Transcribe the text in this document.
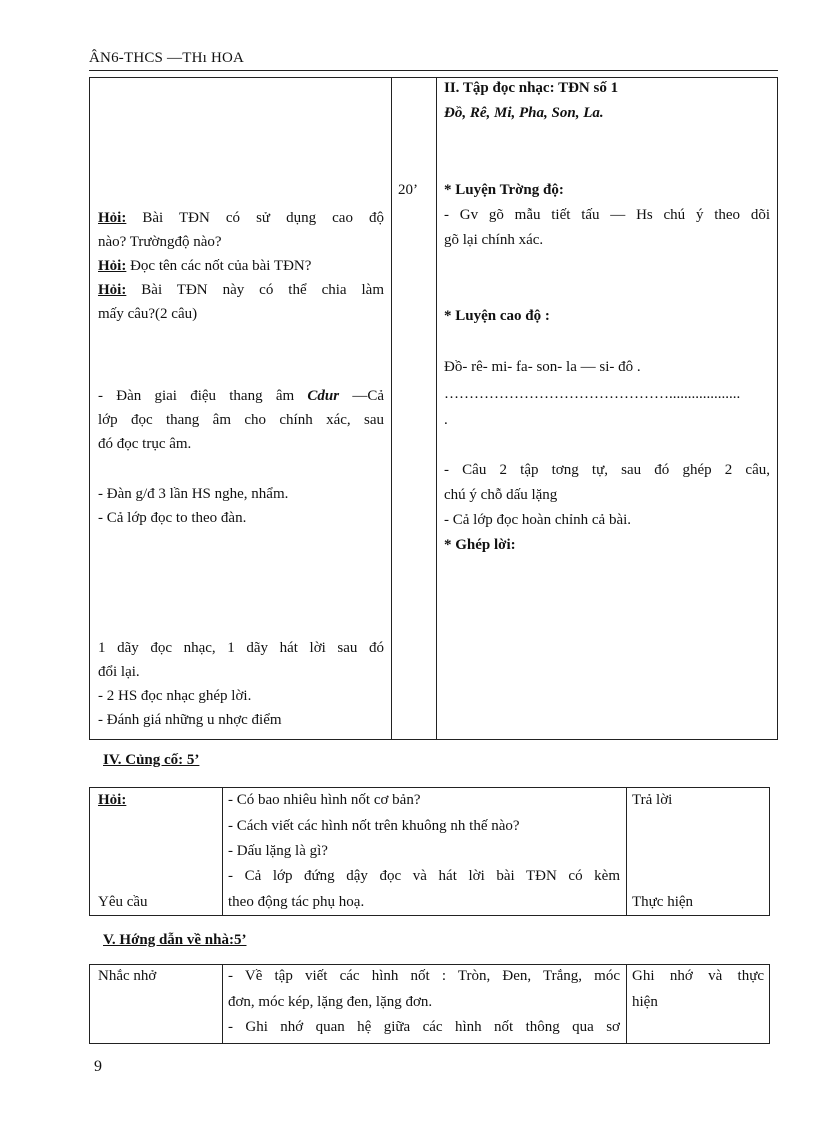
ÂN6-THCS —THı HOA
20’
Hỏi: Bài TĐN có sử dụng cao độ
nào? Trườngđộ nào?
Hỏi: Đọc tên các nốt của bài TĐN?
Hỏi: Bài TĐN này có thể chia làm
mấy câu?(2 câu)
- Đàn giai điệu thang âm Cdur —Cả
lớp đọc thang âm cho chính xác, sau
đó đọc trục âm.
- Đàn g/đ 3 lần HS nghe, nhẩm.
- Cả lớp đọc to theo đàn.
1 dãy đọc nhạc, 1 dãy hát lời sau đó
đổi lại.
- 2 HS đọc nhạc ghép lời.
- Đánh giá những u nhợc điểm
II. Tập đọc nhạc: TĐN số 1
Đồ, Rê, Mi, Pha, Son, La.
* Luyện Trờng độ:
- Gv gõ mẫu tiết tấu — Hs chú ý theo dõi
gõ lại chính xác.
* Luyện cao độ :
Đồ- rê- mi- fa- son- la — si- đô .
………………………………………...................
.
- Câu 2 tập tơng tự, sau đó ghép 2 câu,
chú ý chỗ dấu lặng
- Cả lớp đọc hoàn chỉnh cả bài.
* Ghép lời:
IV. Củng cố: 5’
Hỏi:
Yêu cầu
- Có bao nhiêu hình nốt cơ bản?
- Cách viết các hình nốt trên khuông nh thế nào?
- Dấu lặng là gì?
- Cả lớp đứng dậy đọc và hát lời bài TĐN có kèm
theo động tác phụ hoạ.
Trả lời
Thực hiện
V. Hớng dẫn về nhà:5’
Nhắc nhở	- Về tập viết các hình nốt : Tròn, Đen, Trắng, móc
đơn, móc kép, lặng đen, lặng đơn.
- Ghi nhớ quan hệ giữa các hình nốt thông qua sơ
Ghi nhớ và thực
hiện
9
